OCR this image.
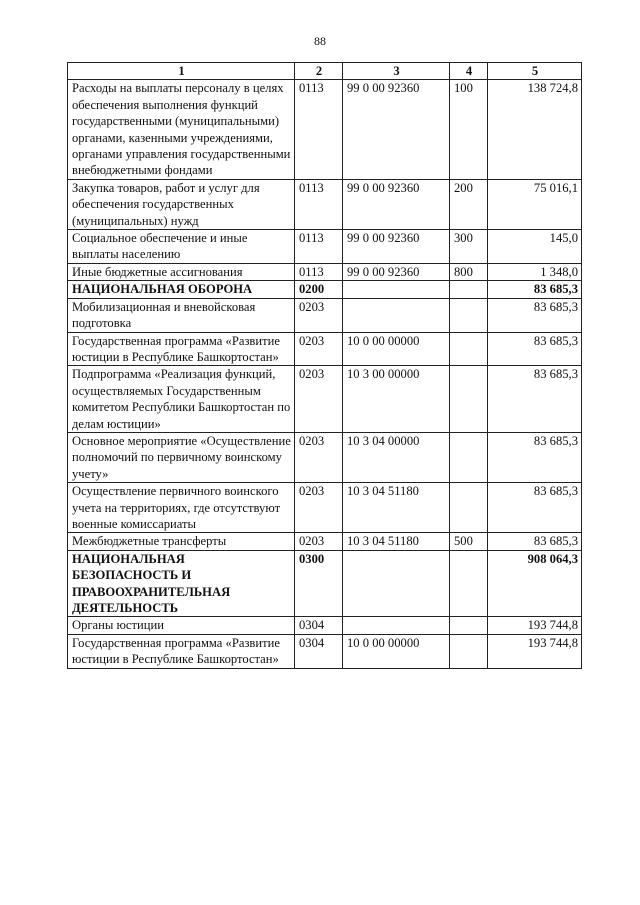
88
1	2	3	4	5
Расходы на выплаты персоналу в целях обеспечения выполнения функций государственными (муниципальными) органами, казенными учреждениями, органами управления государственными внебюджетными фондами	0113	99 0 00 92360	100	138 724,8
Закупка товаров, работ и услуг для обеспечения государственных (муниципальных) нужд	0113	99 0 00 92360	200	75 016,1
Социальное обеспечение и иные выплаты населению	0113	99 0 00 92360	300	145,0
Иные бюджетные ассигнования	0113	99 0 00 92360	800	1 348,0
НАЦИОНАЛЬНАЯ ОБОРОНА	0200			83 685,3
Мобилизационная и вневойсковая подготовка	0203			83 685,3
Государственная программа «Развитие юстиции в Республике Башкортостан»	0203	10 0 00 00000		83 685,3
Подпрограмма «Реализация функций, осуществляемых Государственным комитетом Республики Башкортостан по делам юстиции»	0203	10 3 00 00000		83 685,3
Основное мероприятие «Осуществление полномочий по первичному воинскому учету»	0203	10 3 04 00000		83 685,3
Осуществление первичного воинского учета на территориях, где отсутствуют военные комиссариаты	0203	10 3 04 51180		83 685,3
Межбюджетные трансферты	0203	10 3 04 51180	500	83 685,3
НАЦИОНАЛЬНАЯ БЕЗОПАСНОСТЬ И ПРАВООХРАНИТЕЛЬНАЯ ДЕЯТЕЛЬНОСТЬ	0300			908 064,3
Органы юстиции	0304			193 744,8
Государственная программа «Развитие юстиции в Республике Башкортостан»	0304	10 0 00 00000		193 744,8
